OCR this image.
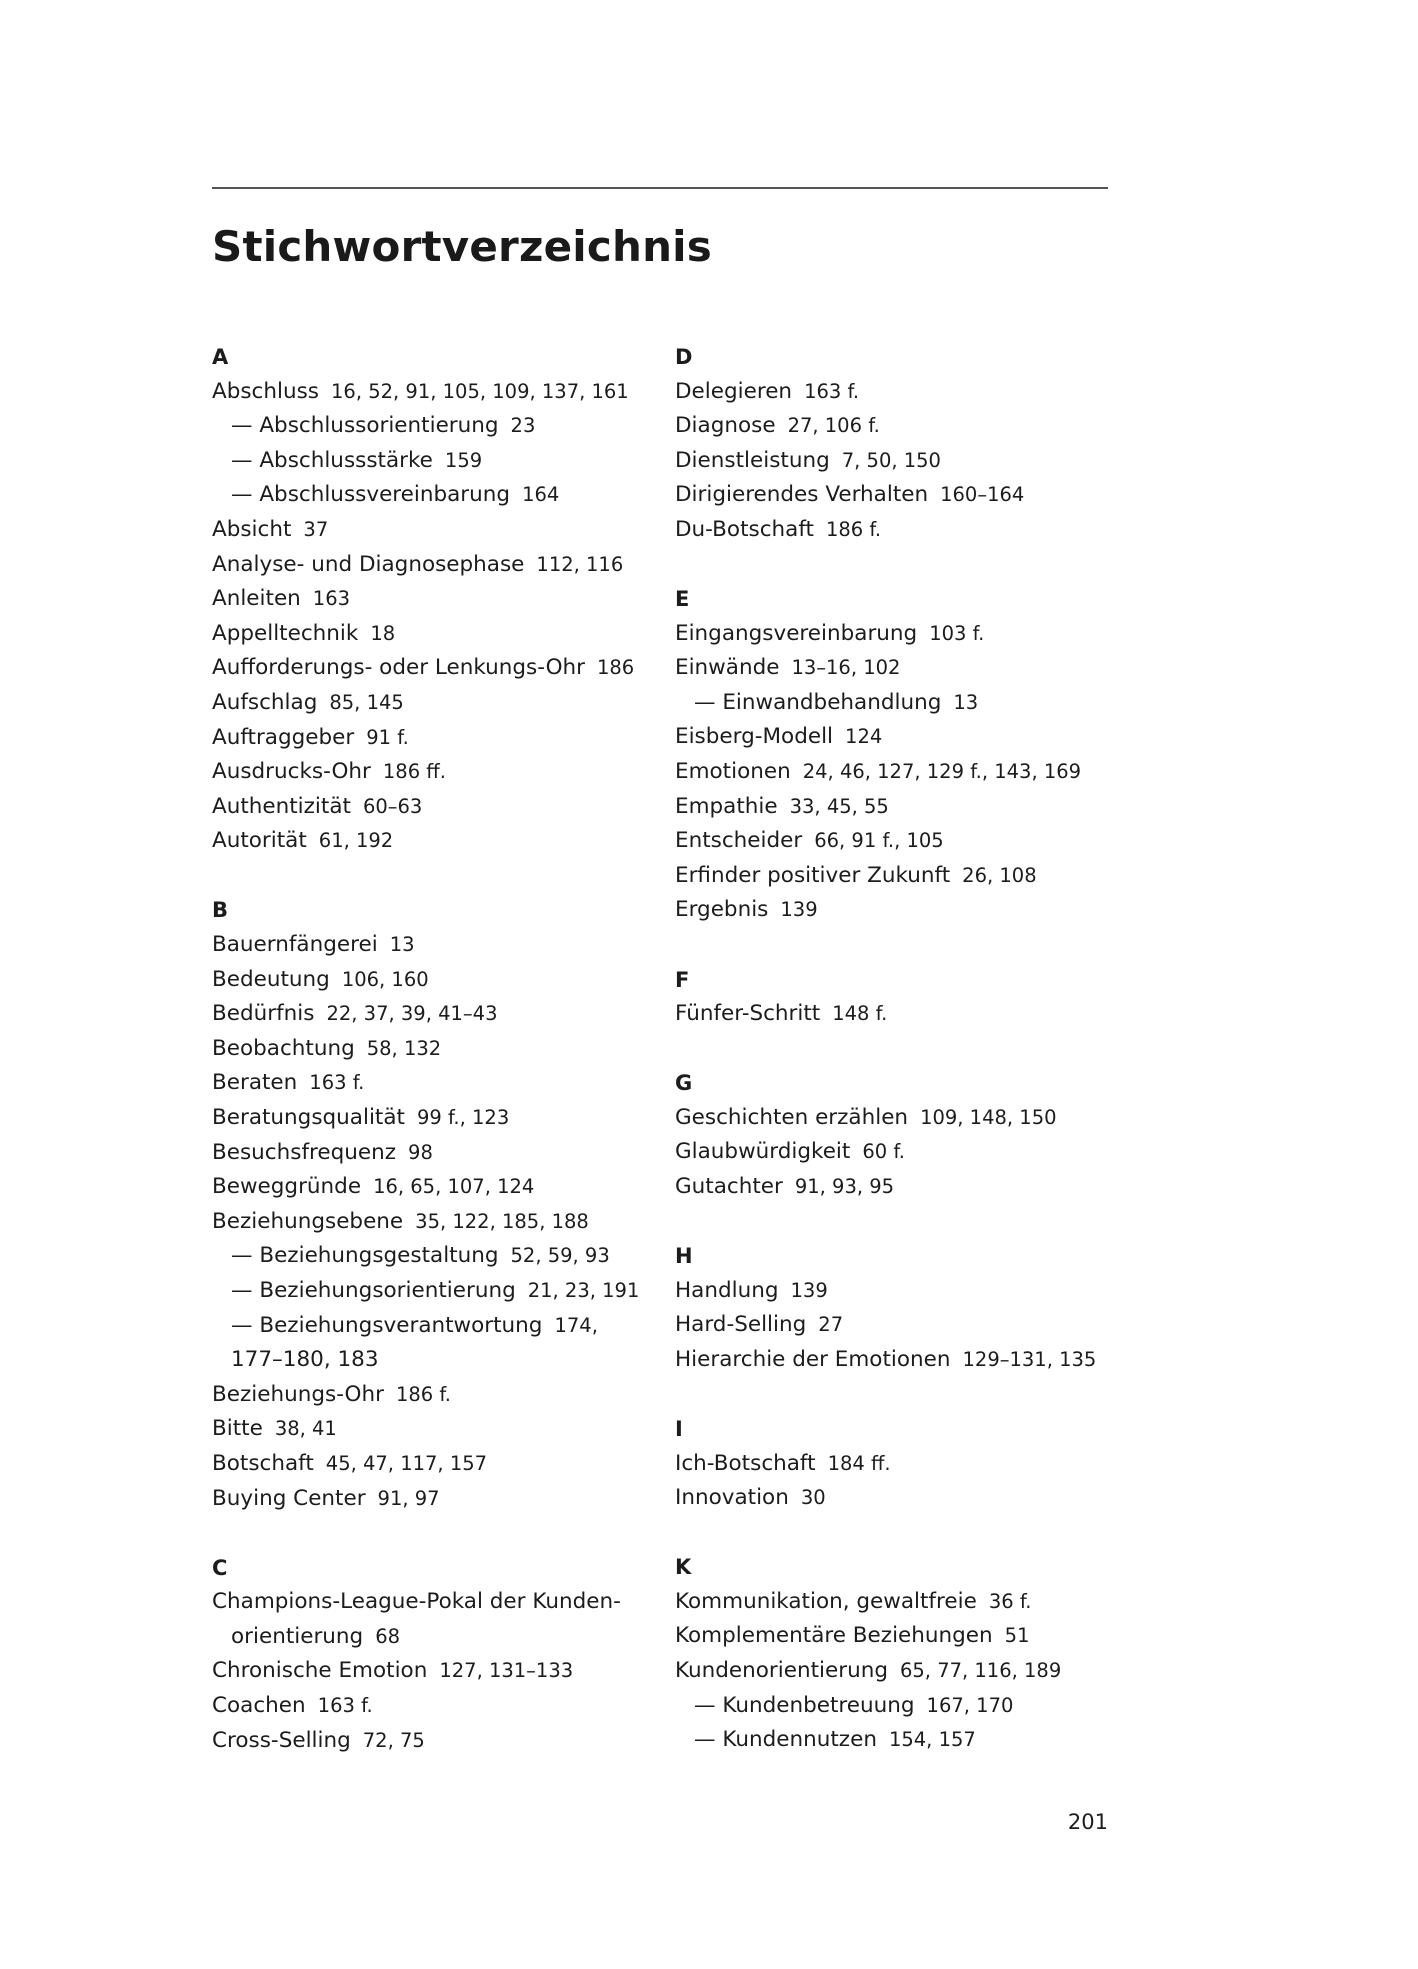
Stichwortverzeichnis
A
Abschluss 16, 52, 91, 105, 109, 137, 161
— Abschlussorientierung 23
— Abschlussstärke 159
— Abschlussvereinbarung 164
Absicht 37
Analyse- und Diagnosephase 112, 116
Anleiten 163
Appelltechnik 18
Aufforderungs- oder Lenkungs-Ohr 186
Aufschlag 85, 145
Auftraggeber 91 f.
Ausdrucks-Ohr 186 ff.
Authentizität 60–63
Autorität 61, 192
B
Bauernfängerei 13
Bedeutung 106, 160
Bedürfnis 22, 37, 39, 41–43
Beobachtung 58, 132
Beraten 163 f.
Beratungsqualität 99 f., 123
Besuchsfrequenz 98
Beweggründe 16, 65, 107, 124
Beziehungsebene 35, 122, 185, 188
— Beziehungsgestaltung 52, 59, 93
— Beziehungsorientierung 21, 23, 191
— Beziehungsverantwortung 174,
177–180, 183
Beziehungs-Ohr 186 f.
Bitte 38, 41
Botschaft 45, 47, 117, 157
Buying Center 91, 97
C
Champions-League-Pokal der Kunden-
orientierung 68
Chronische Emotion 127, 131–133
Coachen 163 f.
Cross-Selling 72, 75
D
Delegieren 163 f.
Diagnose 27, 106 f.
Dienstleistung 7, 50, 150
Dirigierendes Verhalten 160–164
Du-Botschaft 186 f.
E
Eingangsvereinbarung 103 f.
Einwände 13–16, 102
— Einwandbehandlung 13
Eisberg-Modell 124
Emotionen 24, 46, 127, 129 f., 143, 169
Empathie 33, 45, 55
Entscheider 66, 91 f., 105
Erfinder positiver Zukunft 26, 108
Ergebnis 139
F
Fünfer-Schritt 148 f.
G
Geschichten erzählen 109, 148, 150
Glaubwürdigkeit 60 f.
Gutachter 91, 93, 95
H
Handlung 139
Hard-Selling 27
Hierarchie der Emotionen 129–131, 135
I
Ich-Botschaft 184 ff.
Innovation 30
K
Kommunikation, gewaltfreie 36 f.
Komplementäre Beziehungen 51
Kundenorientierung 65, 77, 116, 189
— Kundenbetreuung 167, 170
— Kundennutzen 154, 157
201
